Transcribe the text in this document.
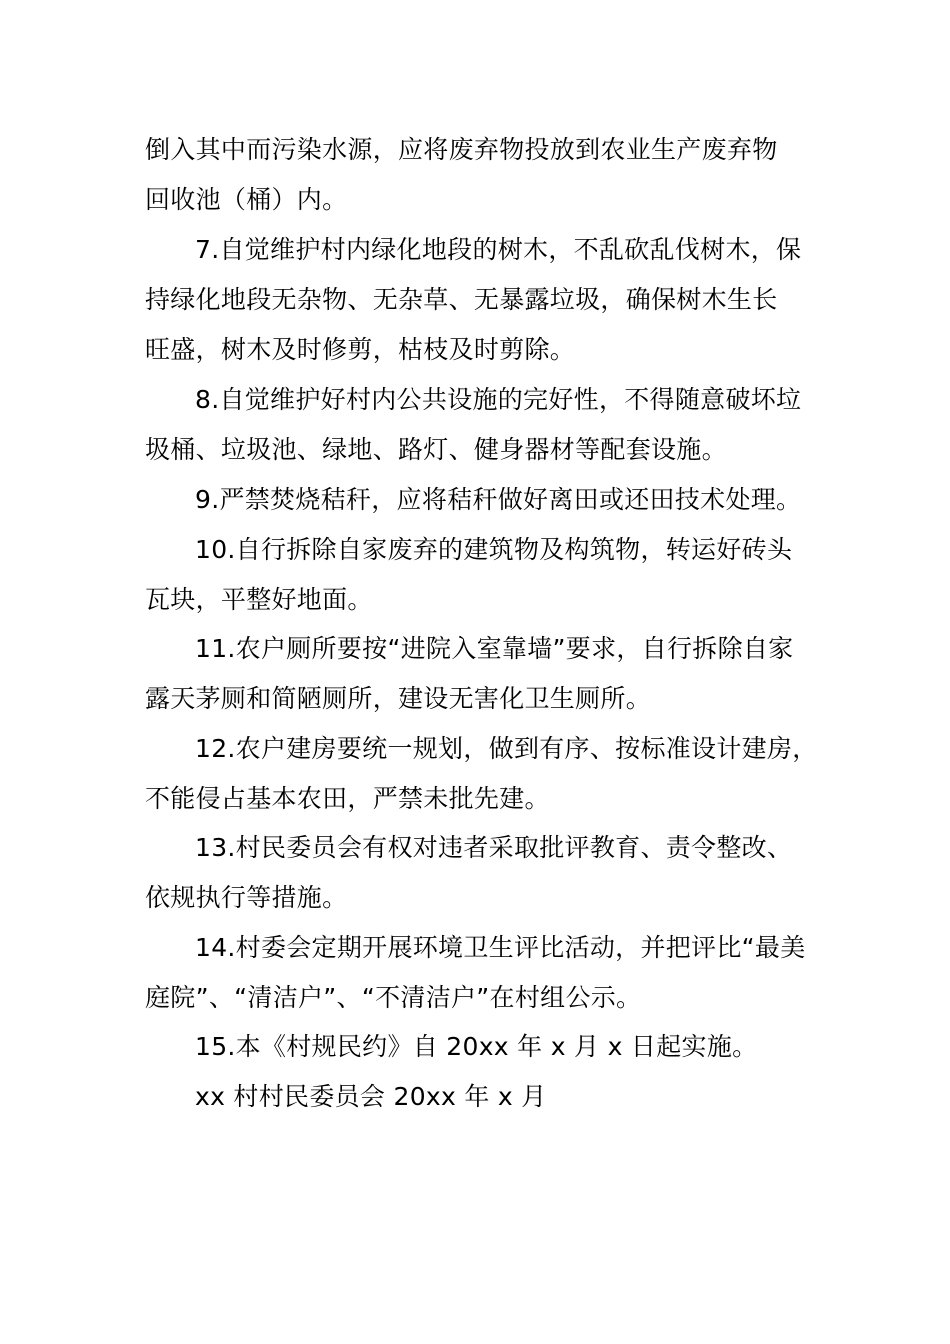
倒入其中而污染水源，应将废弃物投放到农业生产废弃物
回收池（桶）内。
7.自觉维护村内绿化地段的树木，不乱砍乱伐树木，保
持绿化地段无杂物、无杂草、无暴露垃圾，确保树木生长
旺盛，树木及时修剪，枯枝及时剪除。
8.自觉维护好村内公共设施的完好性，不得随意破坏垃
圾桶、垃圾池、绿地、路灯、健身器材等配套设施。
9.严禁焚烧秸秆，应将秸秆做好离田或还田技术处理。
10.自行拆除自家废弃的建筑物及构筑物，转运好砖头
瓦块，平整好地面。
11.农户厕所要按“进院入室靠墙”要求，自行拆除自家
露天茅厕和简陋厕所，建设无害化卫生厕所。
12.农户建房要统一规划，做到有序、按标准设计建房，
不能侵占基本农田，严禁未批先建。
13.村民委员会有权对违者采取批评教育、责令整改、
依规执行等措施。
14.村委会定期开展环境卫生评比活动，并把评比“最美
庭院”、“清洁户”、“不清洁户”在村组公示。
15.本《村规民约》自 20xx 年 x 月 x 日起实施。
xx 村村民委员会 20xx 年 x 月
